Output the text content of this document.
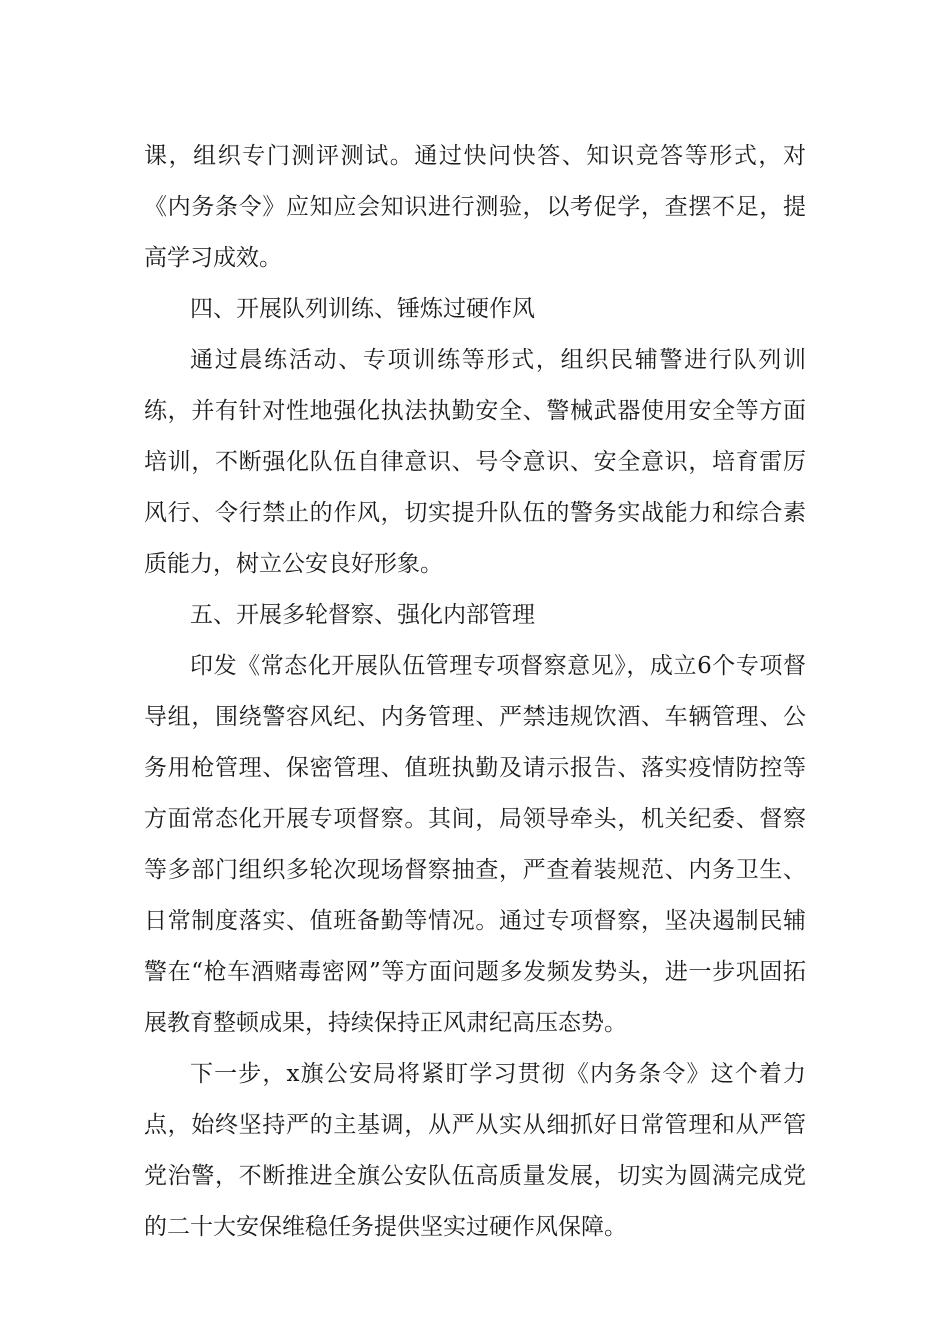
课，组织专门测评测试。通过快问快答、知识竞答等形式，对《内务条令》应知应会知识进行测验，以考促学，查摆不足，提高学习成效。

四、开展队列训练、锤炼过硬作风

通过晨练活动、专项训练等形式，组织民辅警进行队列训练，并有针对性地强化执法执勤安全、警械武器使用安全等方面培训，不断强化队伍自律意识、号令意识、安全意识，培育雷厉风行、令行禁止的作风，切实提升队伍的警务实战能力和综合素质能力，树立公安良好形象。

五、开展多轮督察、强化内部管理

印发《常态化开展队伍管理专项督察意见》，成立6个专项督导组，围绕警容风纪、内务管理、严禁违规饮酒、车辆管理、公务用枪管理、保密管理、值班执勤及请示报告、落实疫情防控等方面常态化开展专项督察。其间，局领导牵头，机关纪委、督察等多部门组织多轮次现场督察抽查，严查着装规范、内务卫生、日常制度落实、值班备勤等情况。通过专项督察，坚决遏制民辅警在“枪车酒赌毒密网”等方面问题多发频发势头，进一步巩固拓展教育整顿成果，持续保持正风肃纪高压态势。

下一步，x旗公安局将紧盯学习贯彻《内务条令》这个着力点，始终坚持严的主基调，从严从实从细抓好日常管理和从严管党治警，不断推进全旗公安队伍高质量发展，切实为圆满完成党的二十大安保维稳任务提供坚实过硬作风保障。
